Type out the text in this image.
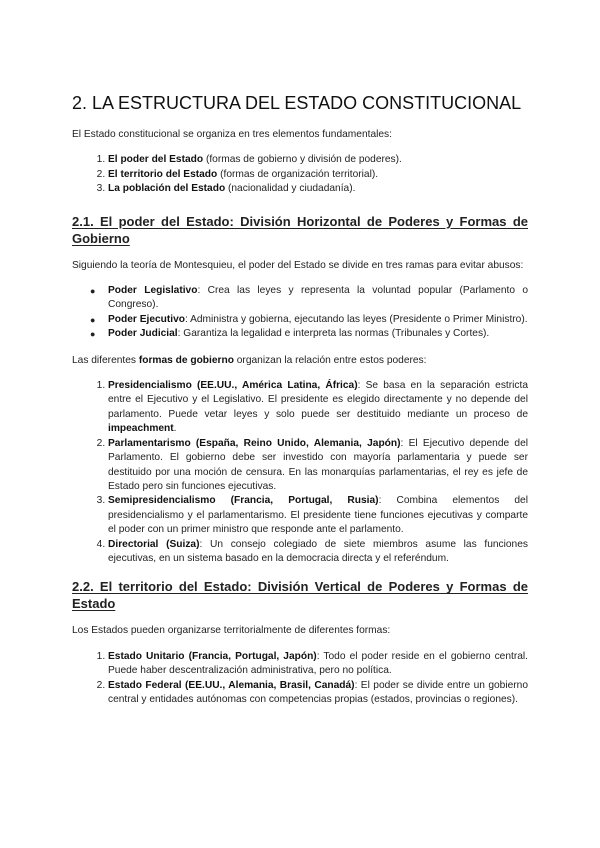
2. LA ESTRUCTURA DEL ESTADO CONSTITUCIONAL

El Estado constitucional se organiza en tres elementos fundamentales:

1. El poder del Estado (formas de gobierno y división de poderes).
2. El territorio del Estado (formas de organización territorial).
3. La población del Estado (nacionalidad y ciudadanía).
2.1. El poder del Estado: División Horizontal de Poderes y Formas de Gobierno

Siguiendo la teoría de Montesquieu, el poder del Estado se divide en tres ramas para evitar abusos:

● Poder Legislativo: Crea las leyes y representa la voluntad popular (Parlamento o Congreso).
● Poder Ejecutivo: Administra y gobierna, ejecutando las leyes (Presidente o Primer Ministro).
● Poder Judicial: Garantiza la legalidad e interpreta las normas (Tribunales y Cortes).

Las diferentes formas de gobierno organizan la relación entre estos poderes:

1. Presidencialismo (EE.UU., América Latina, África): Se basa en la separación estricta entre el Ejecutivo y el Legislativo. El presidente es elegido directamente y no depende del parlamento. Puede vetar leyes y solo puede ser destituido mediante un proceso de impeachment.
2. Parlamentarismo (España, Reino Unido, Alemania, Japón): El Ejecutivo depende del Parlamento. El gobierno debe ser investido con mayoría parlamentaria y puede ser destituido por una moción de censura. En las monarquías parlamentarias, el rey es jefe de Estado pero sin funciones ejecutivas.
3. Semipresidencialismo (Francia, Portugal, Rusia): Combina elementos del presidencialismo y el parlamentarismo. El presidente tiene funciones ejecutivas y comparte el poder con un primer ministro que responde ante el parlamento.
4. Directorial (Suiza): Un consejo colegiado de siete miembros asume las funciones ejecutivas, en un sistema basado en la democracia directa y el referéndum.
2.2. El territorio del Estado: División Vertical de Poderes y Formas de Estado

Los Estados pueden organizarse territorialmente de diferentes formas:

1. Estado Unitario (Francia, Portugal, Japón): Todo el poder reside en el gobierno central. Puede haber descentralización administrativa, pero no política.
2. Estado Federal (EE.UU., Alemania, Brasil, Canadá): El poder se divide entre un gobierno central y entidades autónomas con competencias propias (estados, provincias o regiones).
